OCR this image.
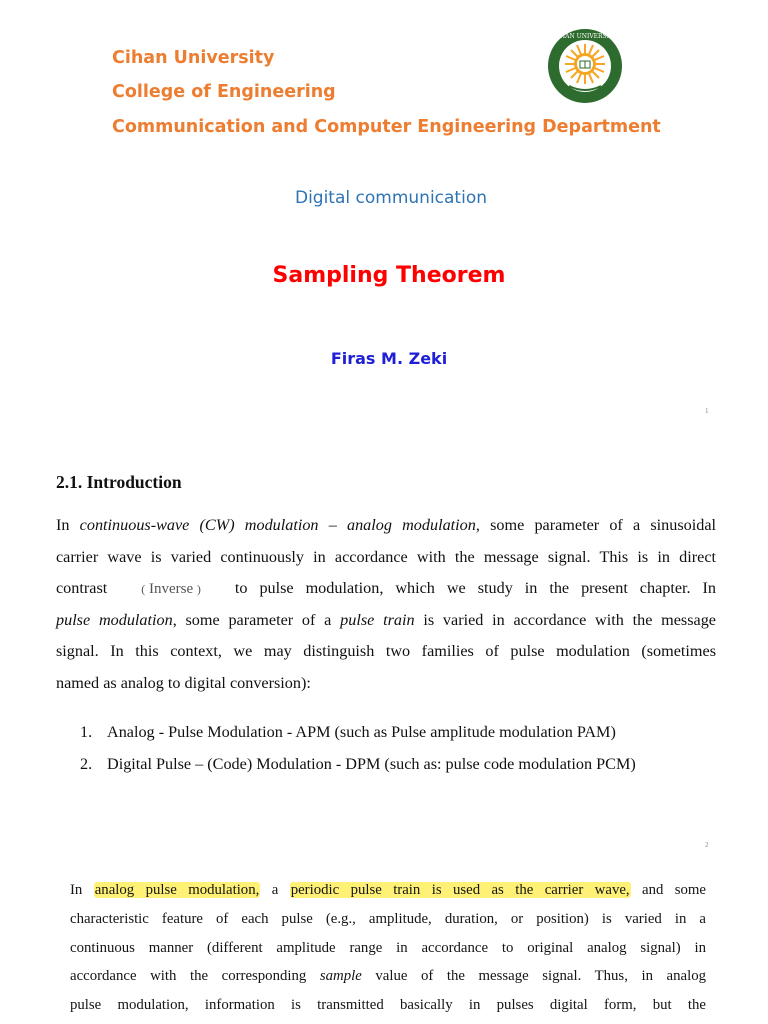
CIHAN UNIVERSITY
Cihan University
College of Engineering
Communication and Computer Engineering Department
Digital communication
Sampling Theorem
Firas M. Zeki
1
2.1. Introduction
In continuous-wave (CW) modulation – analog modulation, some parameter of a sinusoidal
carrier wave is varied continuously in accordance with the message signal. This is in direct
contrast	( Inverse ) to pulse modulation, which we study in the present chapter. In
pulse modulation, some parameter of a pulse train is varied in accordance with the message
signal. In this context, we may distinguish two families of pulse modulation (sometimes
named as analog to digital conversion):
1. Analog - Pulse Modulation - APM (such as Pulse amplitude modulation PAM)
2. Digital Pulse – (Code) Modulation - DPM (such as: pulse code modulation PCM)
2
In analog pulse modulation, a periodic pulse train is used as the carrier wave, and some
characteristic feature of each pulse (e.g., amplitude, duration, or position) is varied in a
continuous manner (different amplitude range in accordance to original analog signal) in
accordance with the corresponding sample value of the message signal. Thus, in analog
pulse modulation, information is transmitted basically in pulses digital form, but the
